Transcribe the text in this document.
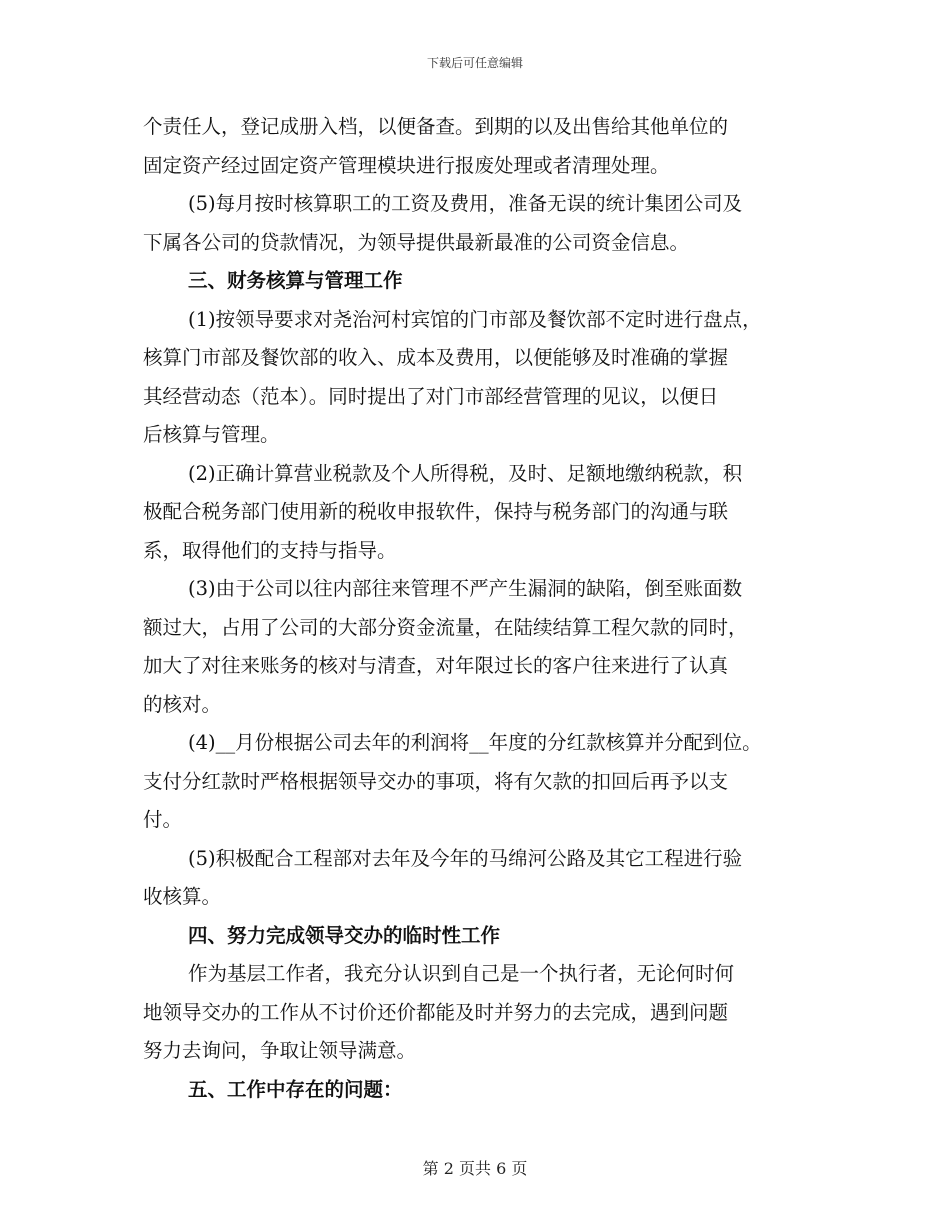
下载后可任意编辑
个责任人，登记成册入档，以便备查。到期的以及出售给其他单位的
固定资产经过固定资产管理模块进行报废处理或者清理处理。
(5)每月按时核算职工的工资及费用，准备无误的统计集团公司及
下属各公司的贷款情况，为领导提供最新最准的公司资金信息。
三、财务核算与管理工作
(1)按领导要求对尧治河村宾馆的门市部及餐饮部不定时进行盘点，
核算门市部及餐饮部的收入、成本及费用，以便能够及时准确的掌握
其经营动态（范本）。同时提出了对门市部经营管理的见议，以便日
后核算与管理。
(2)正确计算营业税款及个人所得税，及时、足额地缴纳税款，积
极配合税务部门使用新的税收申报软件，保持与税务部门的沟通与联
系，取得他们的支持与指导。
(3)由于公司以往内部往来管理不严产生漏洞的缺陷，倒至账面数
额过大，占用了公司的大部分资金流量，在陆续结算工程欠款的同时，
加大了对往来账务的核对与清查，对年限过长的客户往来进行了认真
的核对。
(4)__月份根据公司去年的利润将__年度的分红款核算并分配到位。
支付分红款时严格根据领导交办的事项，将有欠款的扣回后再予以支
付。
(5)积极配合工程部对去年及今年的马绵河公路及其它工程进行验
收核算。
四、努力完成领导交办的临时性工作
作为基层工作者，我充分认识到自己是一个执行者，无论何时何
地领导交办的工作从不讨价还价都能及时并努力的去完成，遇到问题
努力去询问，争取让领导满意。
五、工作中存在的问题：
第 2 页共 6 页
